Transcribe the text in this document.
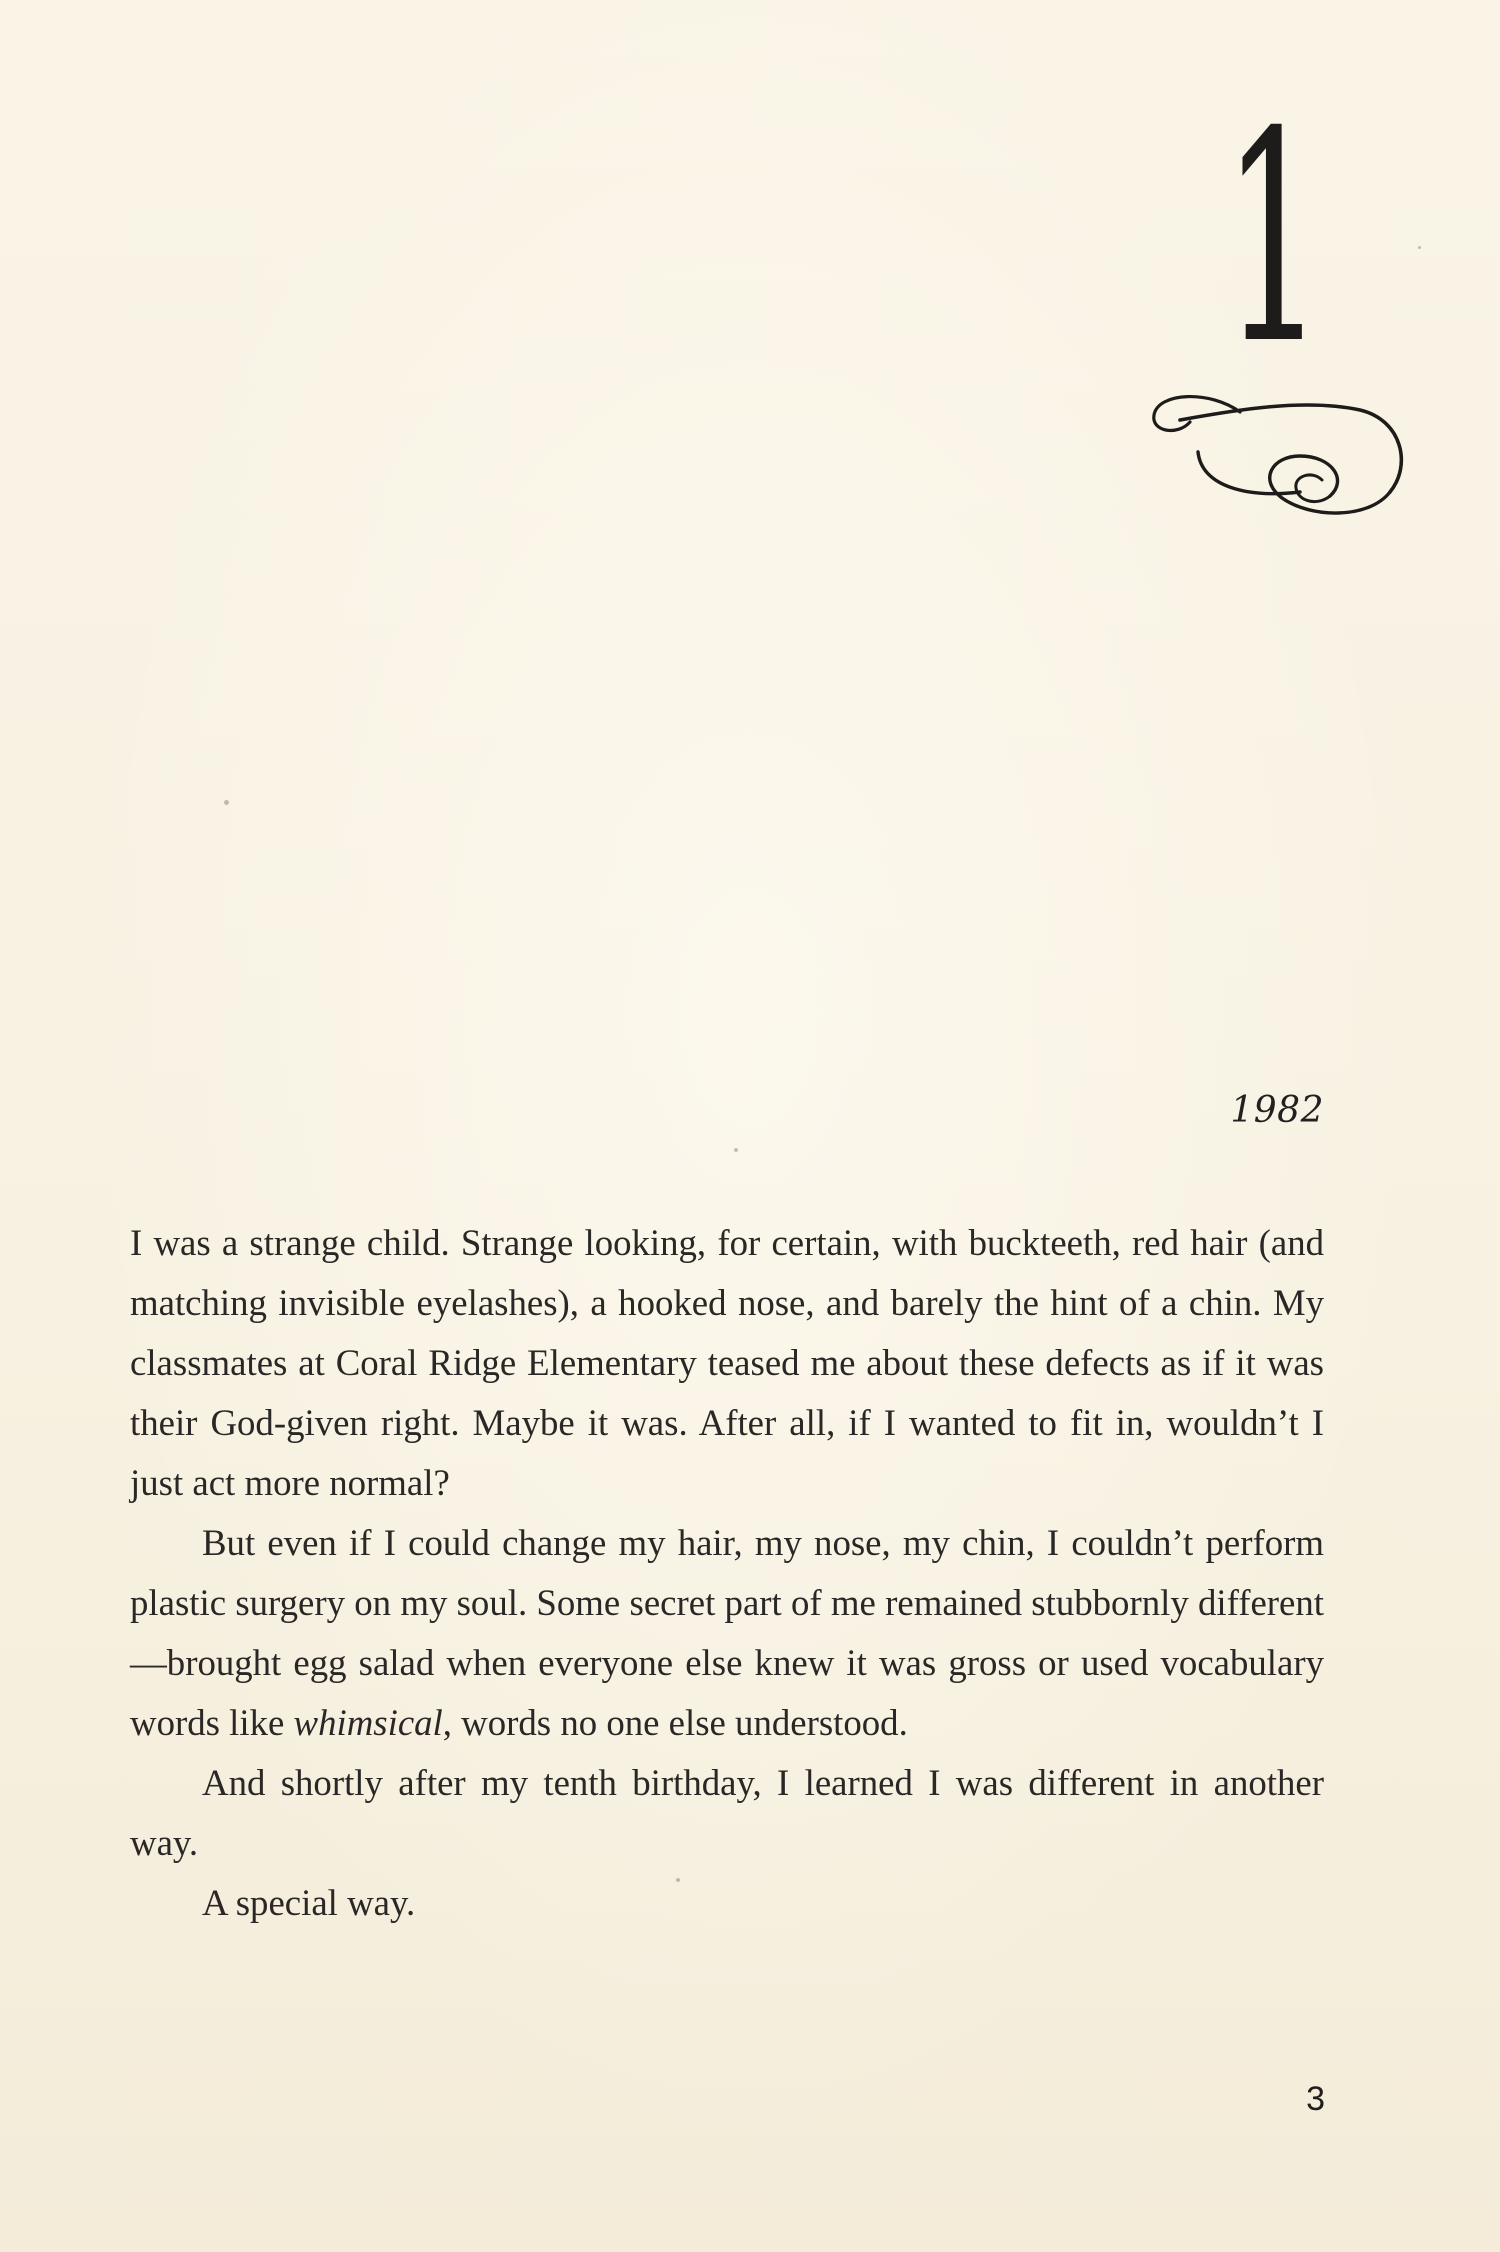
1
1982

I was a strange child. Strange looking, for certain, with buckteeth, red hair (and matching invisible eyelashes), a hooked nose, and barely the hint of a chin. My classmates at Coral Ridge Elementary teased me about these defects as if it was their God-given right. Maybe it was. After all, if I wanted to fit in, wouldn’t I just act more normal?

But even if I could change my hair, my nose, my chin, I couldn’t perform plastic surgery on my soul. Some secret part of me remained stubbornly different—brought egg salad when everyone else knew it was gross or used vocabulary words like whimsical, words no one else understood.

And shortly after my tenth birthday, I learned I was different in another way.

A special way.

3
